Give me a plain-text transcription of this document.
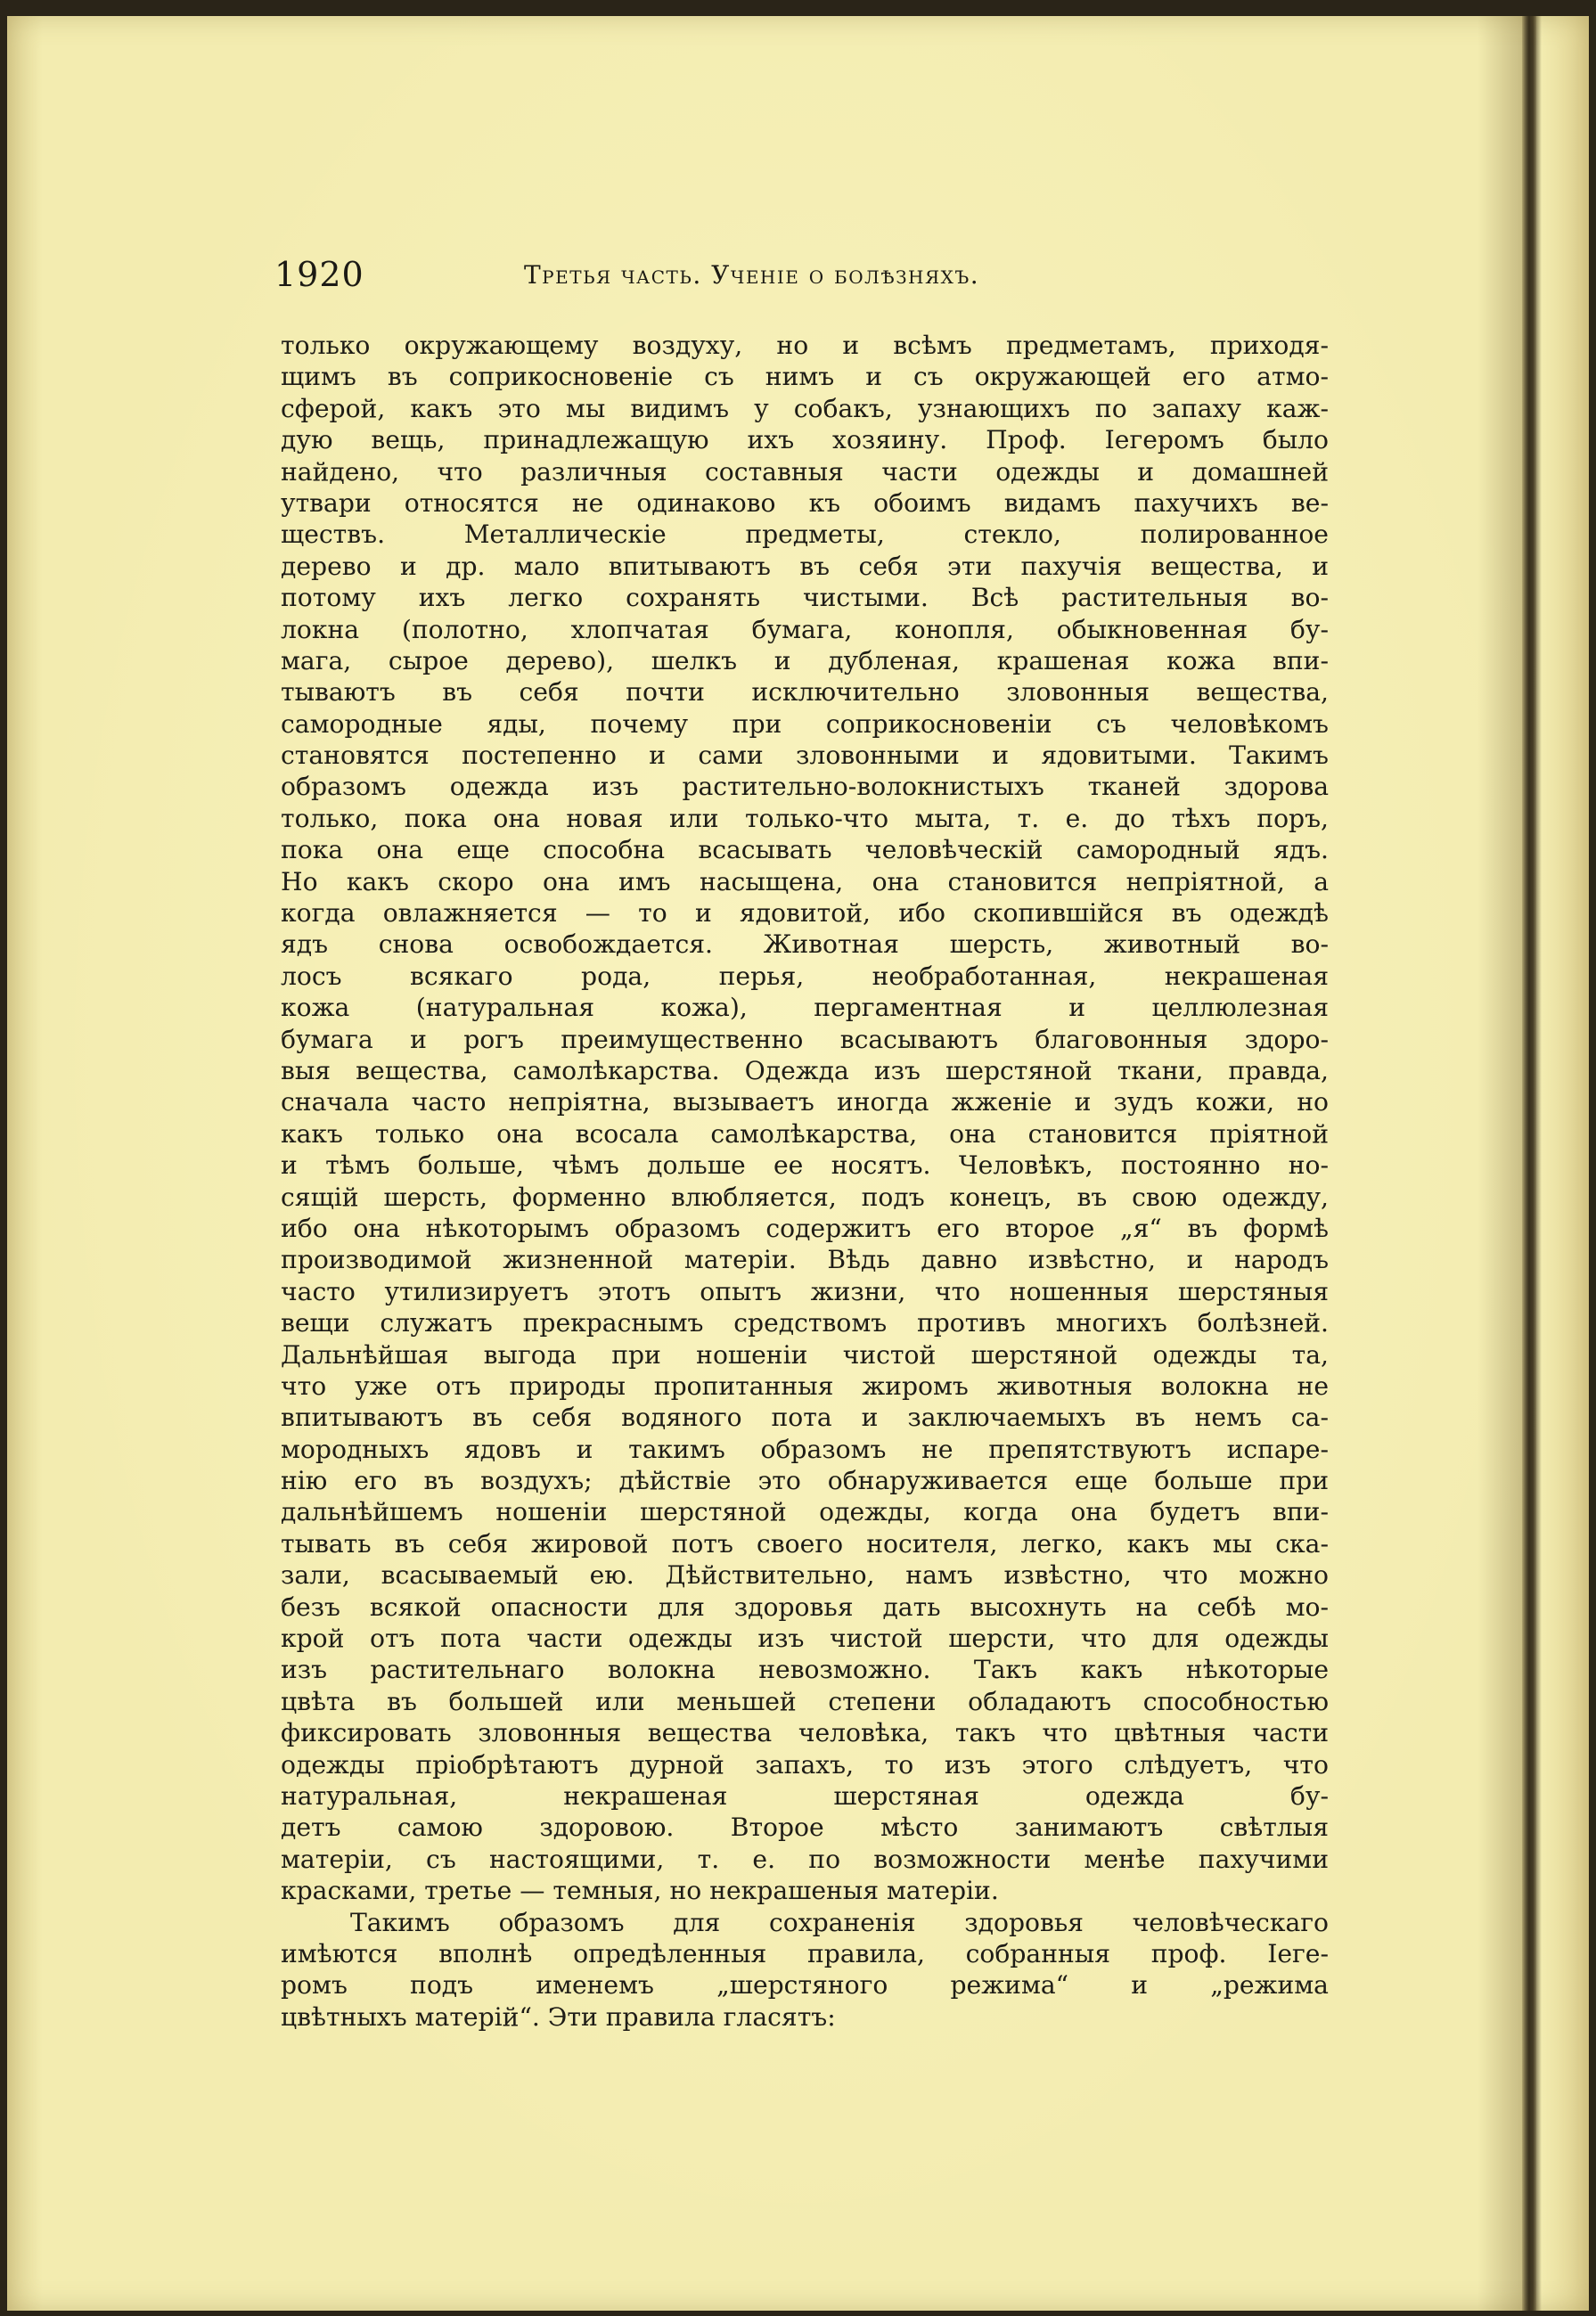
1920	Третья часть. Ученіе о болѣзняхъ.
только окружающему воздуху, но и всѣмъ предметамъ, приходя-
щимъ въ соприкосновеніе съ нимъ и съ окружающей его атмо-
сферой, какъ это мы видимъ у собакъ, узнающихъ по запаху каж-
дую вещь, принадлежащую ихъ хозяину. Проф. Іегеромъ было
найдено, что различныя составныя части одежды и домашней
утвари относятся не одинаково къ обоимъ видамъ пахучихъ ве-
ществъ. Металлическіе предметы, стекло, полированное
дерево и др. мало впитываютъ въ себя эти пахучія вещества, и
потому ихъ легко сохранять чистыми. Всѣ растительныя во-
локна (полотно, хлопчатая бумага, конопля, обыкновенная бу-
мага, сырое дерево), шелкъ и дубленая, крашеная кожа впи-
тываютъ въ себя почти исключительно зловонныя вещества,
самородные яды, почему при соприкосновеніи съ человѣкомъ
становятся постепенно и сами зловонными и ядовитыми. Такимъ
образомъ одежда изъ растительно-волокнистыхъ тканей здорова
только, пока она новая или только-что мыта, т. е. до тѣхъ поръ,
пока она еще способна всасывать человѣческій самородный ядъ.
Но какъ скоро она имъ насыщена, она становится непріятной, а
когда овлажняется — то и ядовитой, ибо скопившійся въ одеждѣ
ядъ снова освобождается. Животная шерсть, животный во-
лосъ всякаго рода, перья, необработанная, некрашеная
кожа (натуральная кожа), пергаментная и целлюлезная
бумага и рогъ преимущественно всасываютъ благовонныя здоро-
выя вещества, самолѣкарства. Одежда изъ шерстяной ткани, правда,
сначала часто непріятна, вызываетъ иногда жженіе и зудъ кожи, но
какъ только она всосала самолѣкарства, она становится пріятной
и тѣмъ больше, чѣмъ дольше ее носятъ. Человѣкъ, постоянно но-
сящій шерсть, форменно влюбляется, подъ конецъ, въ свою одежду,
ибо она нѣкоторымъ образомъ содержитъ его второе „я“ въ формѣ
производимой жизненной матеріи. Вѣдь давно извѣстно, и народъ
часто утилизируетъ этотъ опытъ жизни, что ношенныя шерстяныя
вещи служатъ прекраснымъ средствомъ противъ многихъ болѣзней.
Дальнѣйшая выгода при ношеніи чистой шерстяной одежды та,
что уже отъ природы пропитанныя жиромъ животныя волокна не
впитываютъ въ себя водяного пота и заключаемыхъ въ немъ са-
мородныхъ ядовъ и такимъ образомъ не препятствуютъ испаре-
нію его въ воздухъ; дѣйствіе это обнаруживается еще больше при
дальнѣйшемъ ношеніи шерстяной одежды, когда она будетъ впи-
тывать въ себя жировой потъ своего носителя, легко, какъ мы ска-
зали, всасываемый ею. Дѣйствительно, намъ извѣстно, что можно
безъ всякой опасности для здоровья дать высохнуть на себѣ мо-
крой отъ пота части одежды изъ чистой шерсти, что для одежды
изъ растительнаго волокна невозможно. Такъ какъ нѣкоторые
цвѣта въ большей или меньшей степени обладаютъ способностью
фиксировать зловонныя вещества человѣка, такъ что цвѣтныя части
одежды пріобрѣтаютъ дурной запахъ, то изъ этого слѣдуетъ, что
натуральная, некрашеная шерстяная одежда бу-
детъ самою здоровою. Второе мѣсто занимаютъ свѣтлыя
матеріи, съ настоящими, т. е. по возможности менѣе пахучими
красками, третье — темныя, но некрашеныя матеріи.
Такимъ образомъ для сохраненія здоровья человѣческаго
имѣются вполнѣ опредѣленныя правила, собранныя проф. Іеге-
ромъ подъ именемъ „шерстяного режима“ и „режима
цвѣтныхъ матерій“. Эти правила гласятъ:
